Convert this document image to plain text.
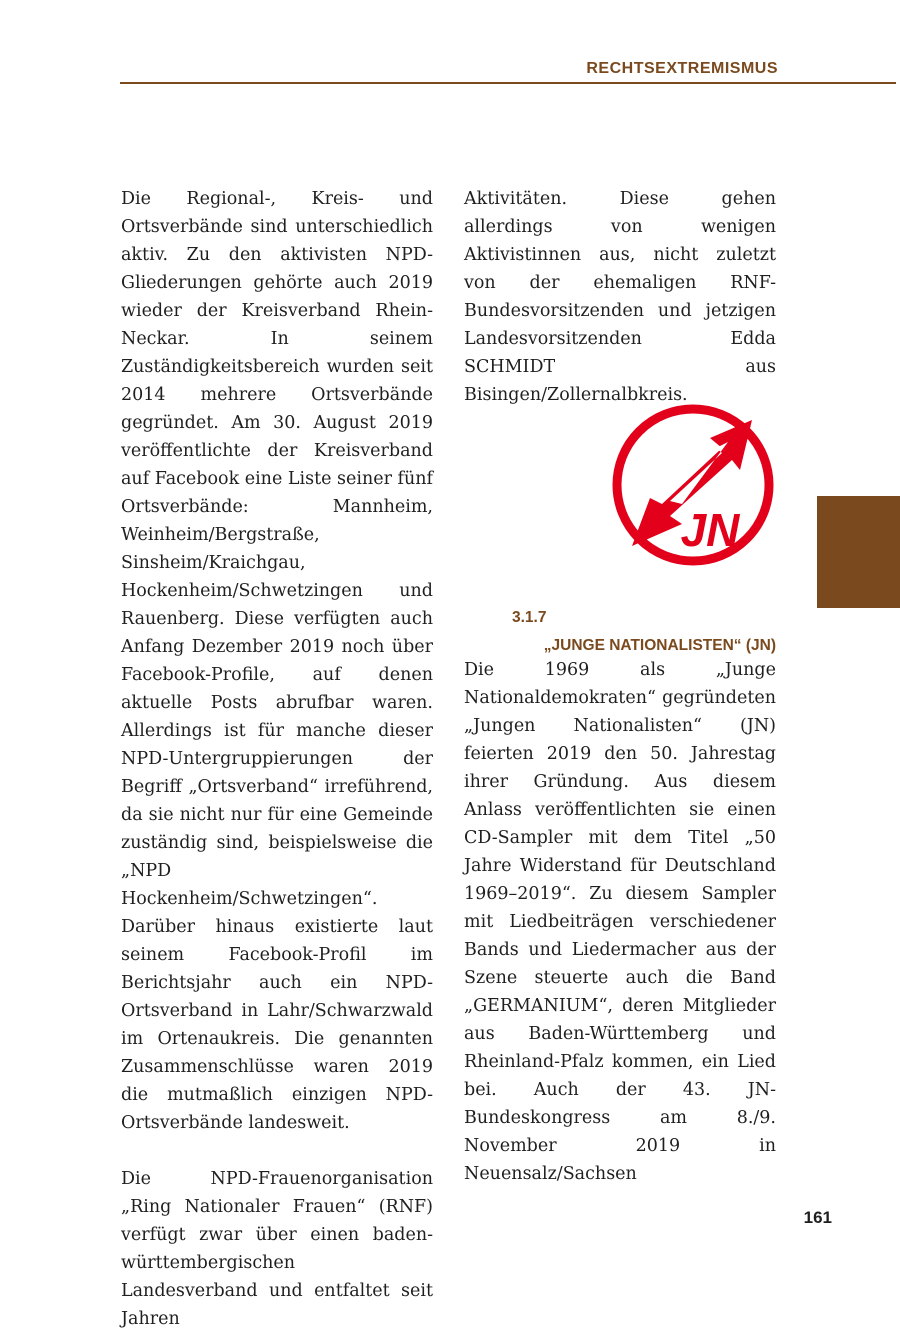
RECHTSEXTREMISMUS

Die Regional-, Kreis- und Ortsverbände sind unterschiedlich aktiv. Zu den aktivisten NPD-Gliederungen gehörte auch 2019 wieder der Kreisverband Rhein-Neckar. In seinem Zuständigkeitsbereich wurden seit 2014 mehrere Ortsverbände gegründet. Am 30. August 2019 veröffentlichte der Kreisverband auf Facebook eine Liste seiner fünf Ortsverbände: Mannheim, Weinheim/Bergstraße, Sinsheim/Kraichgau, Hockenheim/Schwetzingen und Rauenberg. Diese verfügten auch Anfang Dezember 2019 noch über Facebook-Profile, auf denen aktuelle Posts abrufbar waren. Allerdings ist für manche dieser NPD-Untergruppierungen der Begriff „Ortsverband“ irreführend, da sie nicht nur für eine Gemeinde zuständig sind, beispielsweise die „NPD Hockenheim/Schwetzingen“. Darüber hinaus existierte laut seinem Facebook-Profil im Berichtsjahr auch ein NPD-Ortsverband in Lahr/Schwarzwald im Ortenaukreis. Die genannten Zusammenschlüsse waren 2019 die mutmaßlich einzigen NPD-Ortsverbände landesweit.

Die NPD-Frauenorganisation „Ring Nationaler Frauen“ (RNF) verfügt zwar über einen baden-württembergischen Landesverband und entfaltet seit Jahren

Aktivitäten. Diese gehen allerdings von wenigen Aktivistinnen aus, nicht zuletzt von der ehemaligen RNF-Bundesvorsitzenden und jetzigen Landesvorsitzenden Edda SCHMIDT aus Bisingen/Zollernalbkreis.

JN
3.1.7
„JUNGE NATIONALISTEN“ (JN)

Die 1969 als „Junge Nationaldemokraten“ gegründeten „Jungen Nationalisten“ (JN) feierten 2019 den 50. Jahrestag ihrer Gründung. Aus diesem Anlass veröffentlichten sie einen CD-Sampler mit dem Titel „50 Jahre Widerstand für Deutschland 1969–2019“. Zu diesem Sampler mit Liedbeiträgen verschiedener Bands und Liedermacher aus der Szene steuerte auch die Band „GERMANIUM“, deren Mitglieder aus Baden-Württemberg und Rheinland-Pfalz kommen, ein Lied bei. Auch der 43. JN-Bundeskongress am 8./9. November 2019 in Neuensalz/Sachsen

161
